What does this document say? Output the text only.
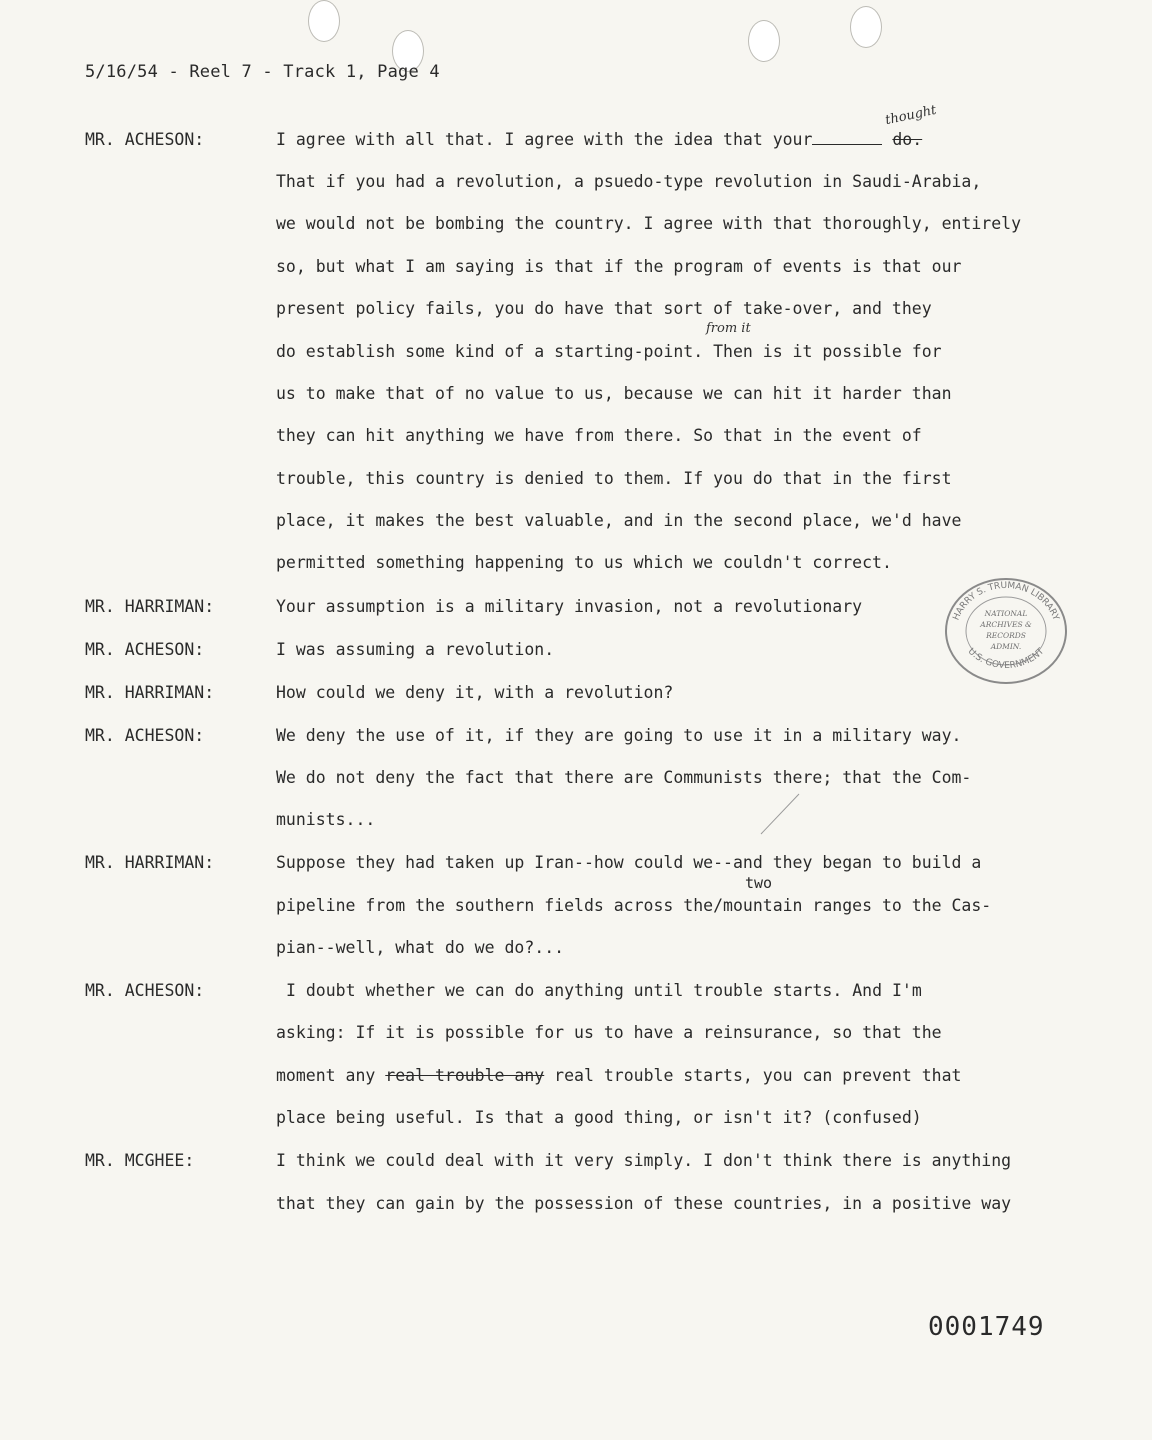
5/16/54 - Reel 7 - Track 1, Page 4
MR. ACHESON:	I agree with all that. I agree with the idea that your	do.
thought
That if you had a revolution, a psuedo-type revolution in Saudi-Arabia,
we would not be bombing the country. I agree with that thoroughly, entirely
so, but what I am saying is that if the program of events is that our
present policy fails, you do have that sort of take-over, and they
from it
do establish some kind of a starting-point. Then is it possible for
us to make that of no value to us, because we can hit it harder than
they can hit anything we have from there. So that in the event of
trouble, this country is denied to them. If you do that in the first
place, it makes the best valuable, and in the second place, we'd have
permitted something happening to us which we couldn't correct.
MR. HARRIMAN:	Your assumption is a military invasion, not a revolutionary
MR. ACHESON:	I was assuming a revolution.
MR. HARRIMAN:	How could we deny it, with a revolution?
MR. ACHESON:	We deny the use of it, if they are going to use it in a military way.
We do not deny the fact that there are Communists there; that the Com-
munists...
MR. HARRIMAN:	Suppose they had taken up Iran--how could we--and they began to build a
two
pipeline from the southern fields across the/mountain ranges to the Cas-
pian--well, what do we do?...
MR. ACHESON:	I doubt whether we can do anything until trouble starts. And I'm
asking: If it is possible for us to have a reinsurance, so that the
moment any real trouble any real trouble starts, you can prevent that
place being useful. Is that a good thing, or isn't it? (confused)
MR. MCGHEE:	I think we could deal with it very simply. I don't think there is anything
that they can gain by the possession of these countries, in a positive way
HARRY S. TRUMAN LIBRARY
U.S. GOVERNMENT
NATIONAL
ARCHIVES &
RECORDS
ADMIN.
0001749
